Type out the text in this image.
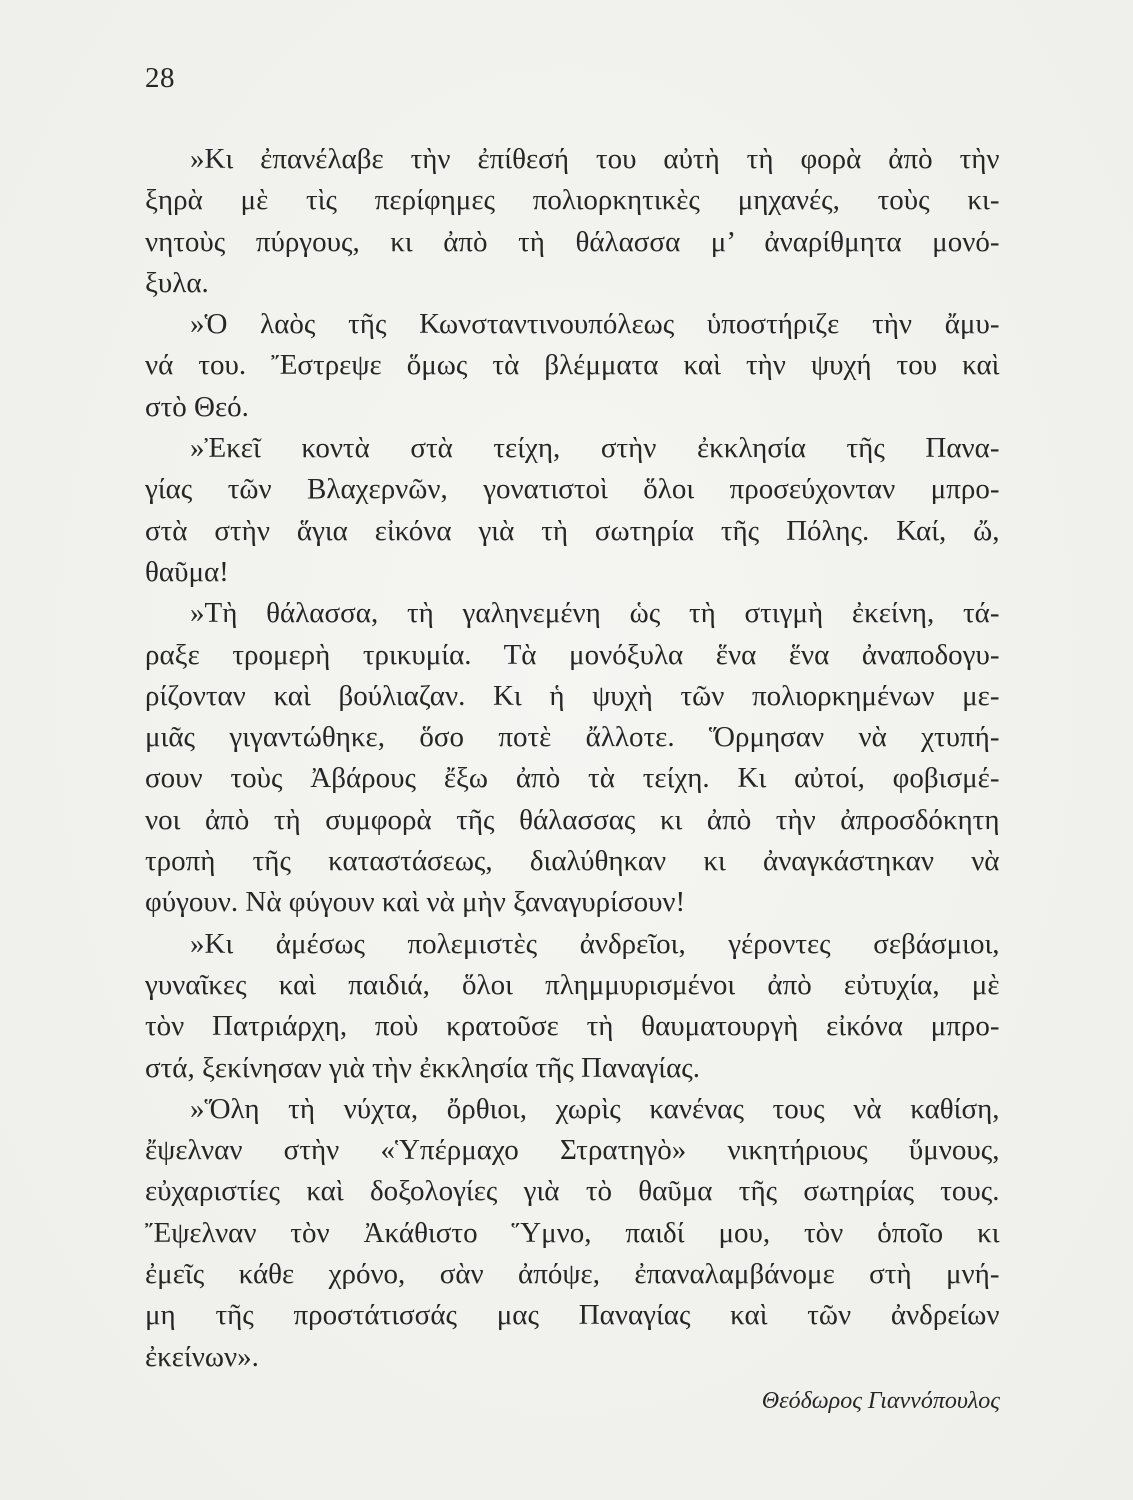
28
»Κι ἐπανέλαβε τὴν ἐπίθεσή του αὐτὴ τὴ φορὰ ἀπὸ τὴν
ξηρὰ μὲ τὶς περίφημες πολιορκητικὲς μηχανές, τοὺς κι-
νητοὺς πύργους, κι ἀπὸ τὴ θάλασσα μ’ ἀναρίθμητα μονό-
ξυλα.
»Ὁ λαὸς τῆς Κωνσταντινουπόλεως ὑποστήριζε τὴν ἄμυ-
νά του. Ἔστρεψε ὅμως τὰ βλέμματα καὶ τὴν ψυχή του καὶ
στὸ Θεό.
»Ἐκεῖ κοντὰ στὰ τείχη, στὴν ἐκκλησία τῆς Πανα-
γίας τῶν Βλαχερνῶν, γονατιστοὶ ὅλοι προσεύχονταν μπρο-
στὰ στὴν ἅγια εἰκόνα γιὰ τὴ σωτηρία τῆς Πόλης. Καί, ὤ,
θαῦμα!
»Τὴ θάλασσα, τὴ γαληνεμένη ὡς τὴ στιγμὴ ἐκείνη, τά-
ραξε τρομερὴ τρικυμία. Τὰ μονόξυλα ἕνα ἕνα ἀναποδογυ-
ρίζονταν καὶ βούλιαζαν. Κι ἡ ψυχὴ τῶν πολιορκημένων με-
μιᾶς γιγαντώθηκε, ὅσο ποτὲ ἄλλοτε. Ὅρμησαν νὰ χτυπή-
σουν τοὺς Ἀβάρους ἔξω ἀπὸ τὰ τείχη. Κι αὐτοί, φοβισμέ-
νοι ἀπὸ τὴ συμφορὰ τῆς θάλασσας κι ἀπὸ τὴν ἀπροσδόκητη
τροπὴ τῆς καταστάσεως, διαλύθηκαν κι ἀναγκάστηκαν νὰ
φύγουν. Νὰ φύγουν καὶ νὰ μὴν ξαναγυρίσουν!
»Κι ἀμέσως πολεμιστὲς ἀνδρεῖοι, γέροντες σεβάσμιοι,
γυναῖκες καὶ παιδιά, ὅλοι πλημμυρισμένοι ἀπὸ εὐτυχία, μὲ
τὸν Πατριάρχη, ποὺ κρατοῦσε τὴ θαυματουργὴ εἰκόνα μπρο-
στά, ξεκίνησαν γιὰ τὴν ἐκκλησία τῆς Παναγίας.
»Ὅλη τὴ νύχτα, ὄρθιοι, χωρὶς κανένας τους νὰ καθίση,
ἔψελναν στὴν «Ὑπέρμαχο Στρατηγὸ» νικητήριους ὕμνους,
εὐχαριστίες καὶ δοξολογίες γιὰ τὸ θαῦμα τῆς σωτηρίας τους.
Ἔψελναν τὸν Ἀκάθιστο Ὕμνο, παιδί μου, τὸν ὁποῖο κι
ἐμεῖς κάθε χρόνο, σὰν ἀπόψε, ἐπαναλαμβάνομε στὴ μνή-
μη τῆς προστάτισσάς μας Παναγίας καὶ τῶν ἀνδρείων
ἐκείνων».
Θεόδωρος Γιαννόπουλος
